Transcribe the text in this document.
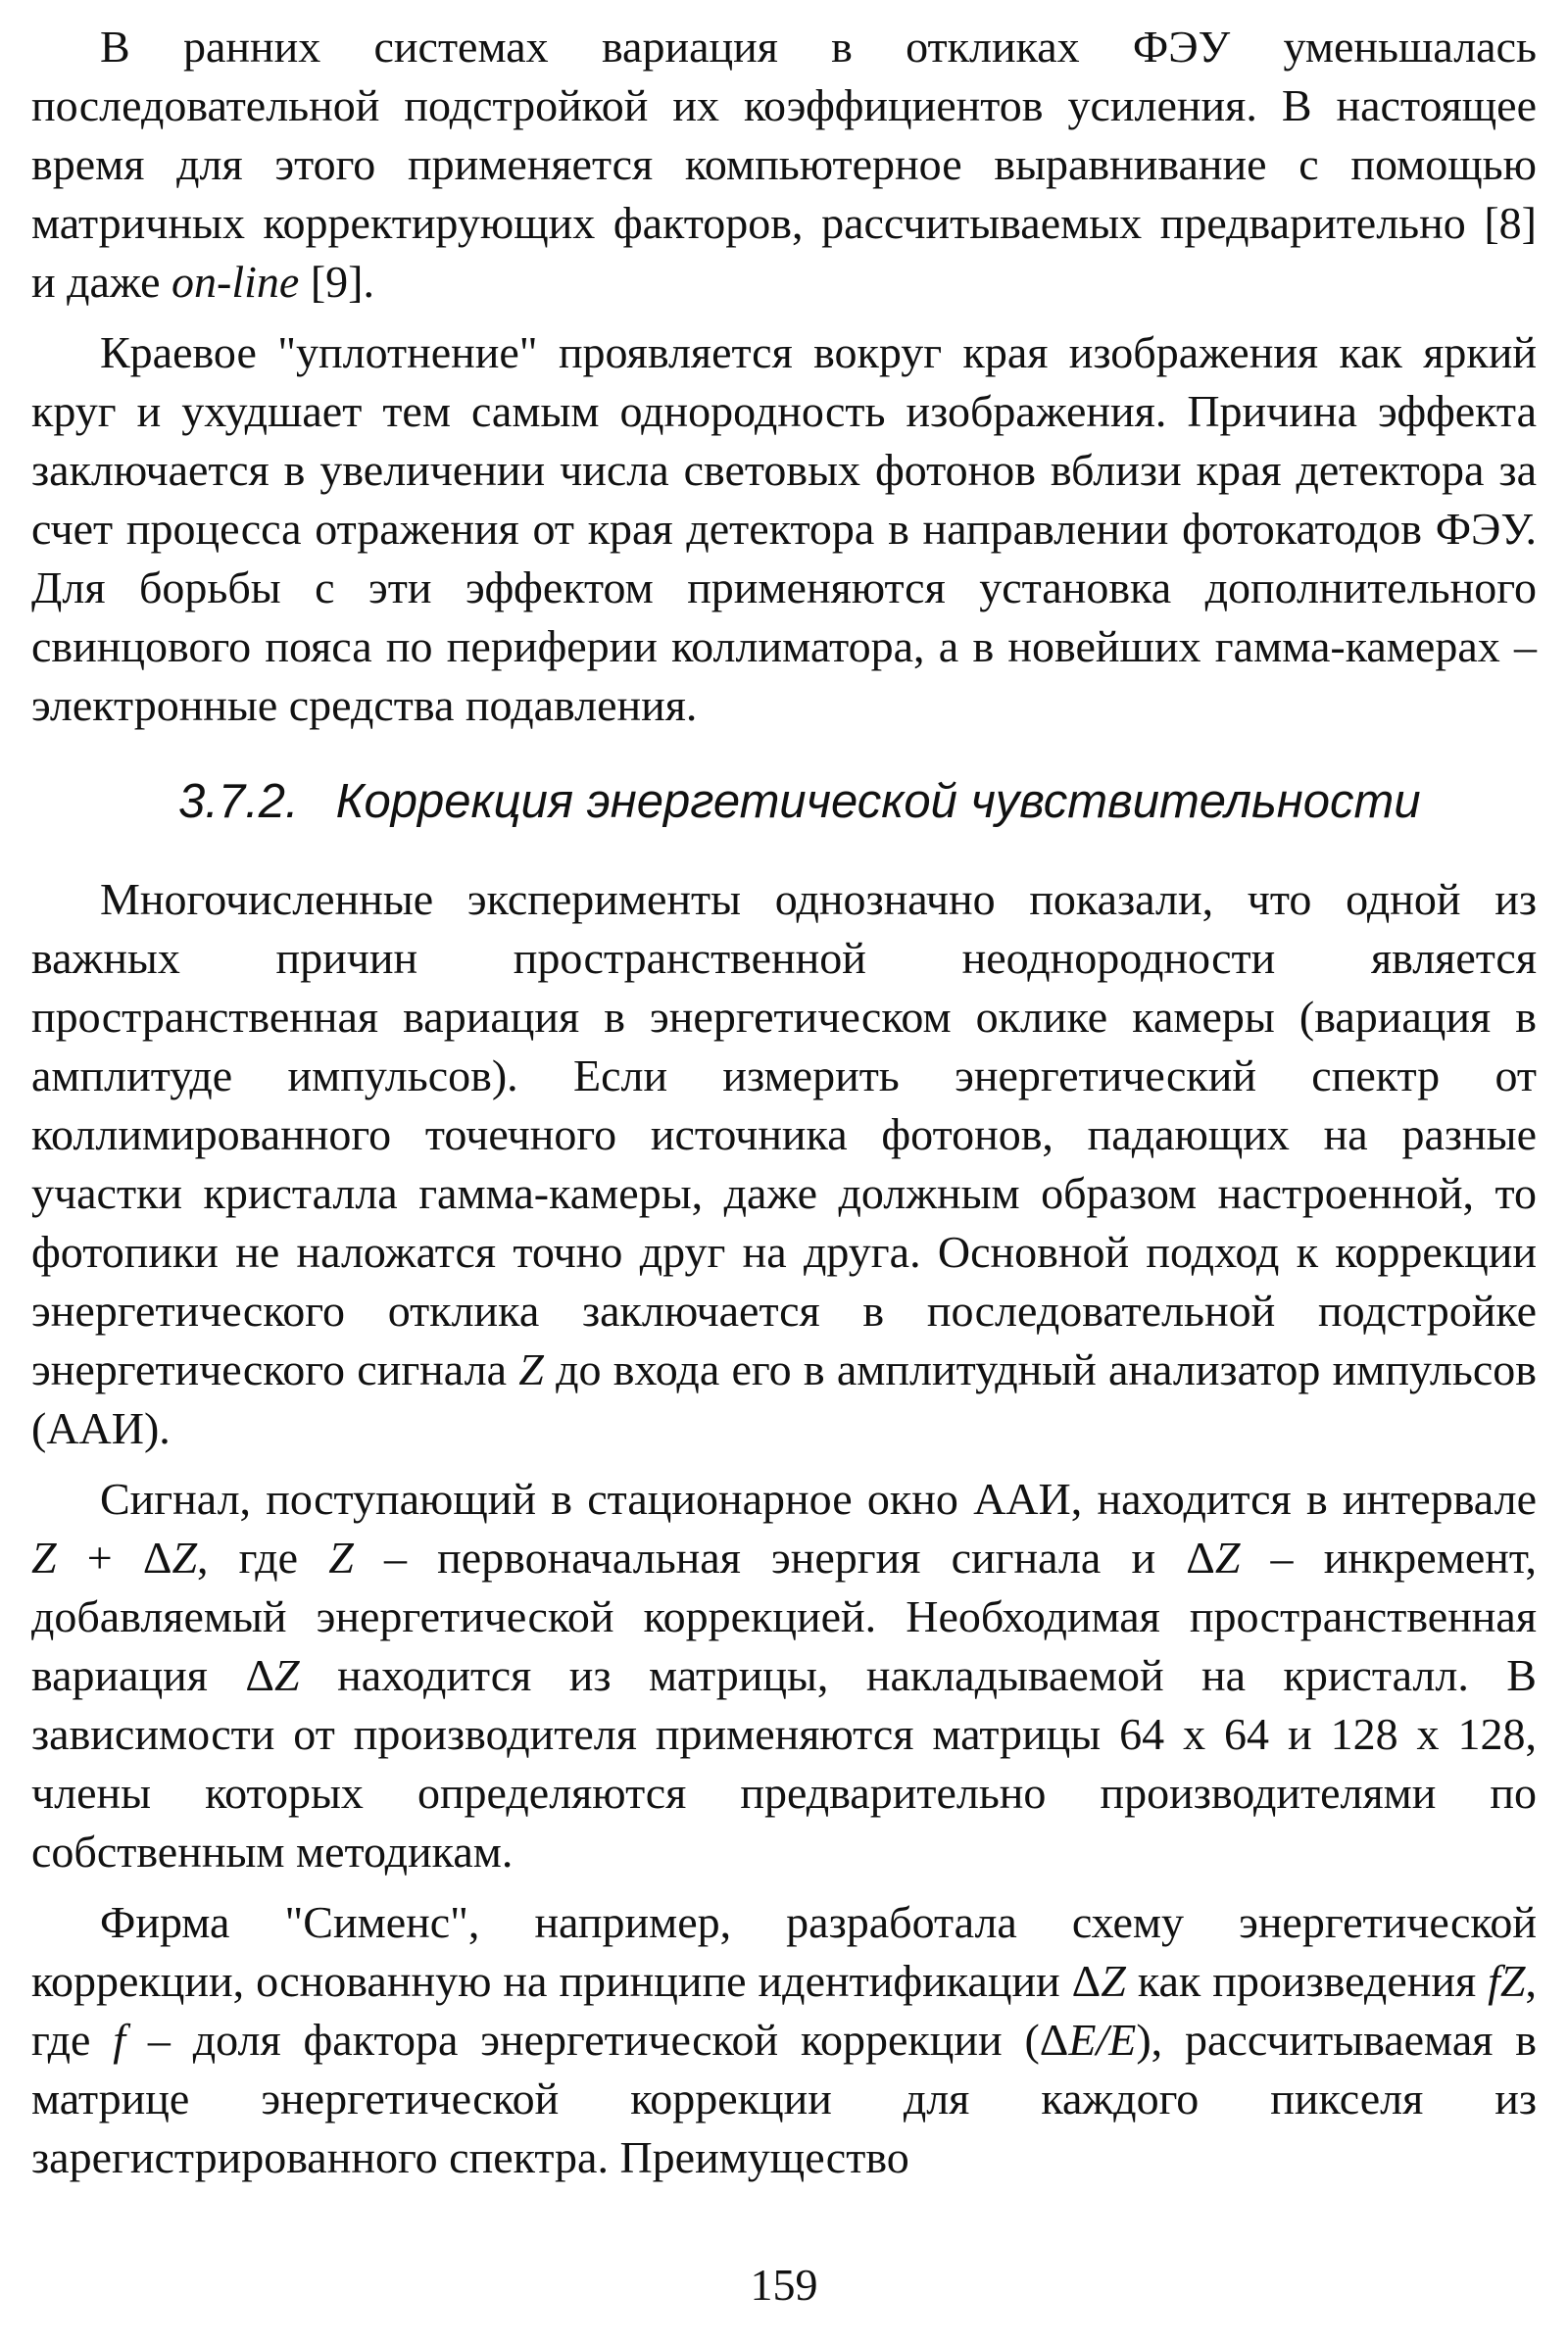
В ранних системах вариация в откликах ФЭУ уменьшалась последовательной подстройкой их коэффициентов усиления. В настоящее время для этого применяется компьютерное выравнивание с помощью матричных корректирующих факторов, рассчитываемых предварительно [8] и даже on-line [9].

Краевое "уплотнение" проявляется вокруг края изображения как яркий круг и ухудшает тем самым однородность изображения. Причина эффекта заключается в увеличении числа световых фотонов вблизи края детектора за счет процесса отражения от края детектора в направлении фотокатодов ФЭУ. Для борьбы с эти эффектом применяются установка дополнительного свинцового пояса по периферии коллиматора, а в новейших гамма-камерах – электронные средства подавления.

3.7.2. Коррекция энергетической чувствительности

Многочисленные эксперименты однозначно показали, что одной из важных причин пространственной неоднородности является пространственная вариация в энергетическом оклике камеры (вариация в амплитуде импульсов). Если измерить энергетический спектр от коллимированного точечного источника фотонов, падающих на разные участки кристалла гамма-камеры, даже должным образом настроенной, то фотопики не наложатся точно друг на друга. Основной подход к коррекции энергетического отклика заключается в последовательной подстройке энергетического сигнала Z до входа его в амплитудный анализатор импульсов (ААИ).

Сигнал, поступающий в стационарное окно ААИ, находится в интервале Z + ΔZ, где Z – первоначальная энергия сигнала и ΔZ – инкремент, добавляемый энергетической коррекцией. Необходимая пространственная вариация ΔZ находится из матрицы, накладываемой на кристалл. В зависимости от производителя применяются матрицы 64 х 64 и 128 х 128, члены которых определяются предварительно производителями по собственным методикам.

Фирма "Сименс", например, разработала схему энергетической коррекции, основанную на принципе идентификации ΔZ как произведения fZ, где f – доля фактора энергетической коррекции (ΔE/E), рассчитываемая в матрице энергетической коррекции для каждого пикселя из зарегистрированного спектра. Преимущество

159
